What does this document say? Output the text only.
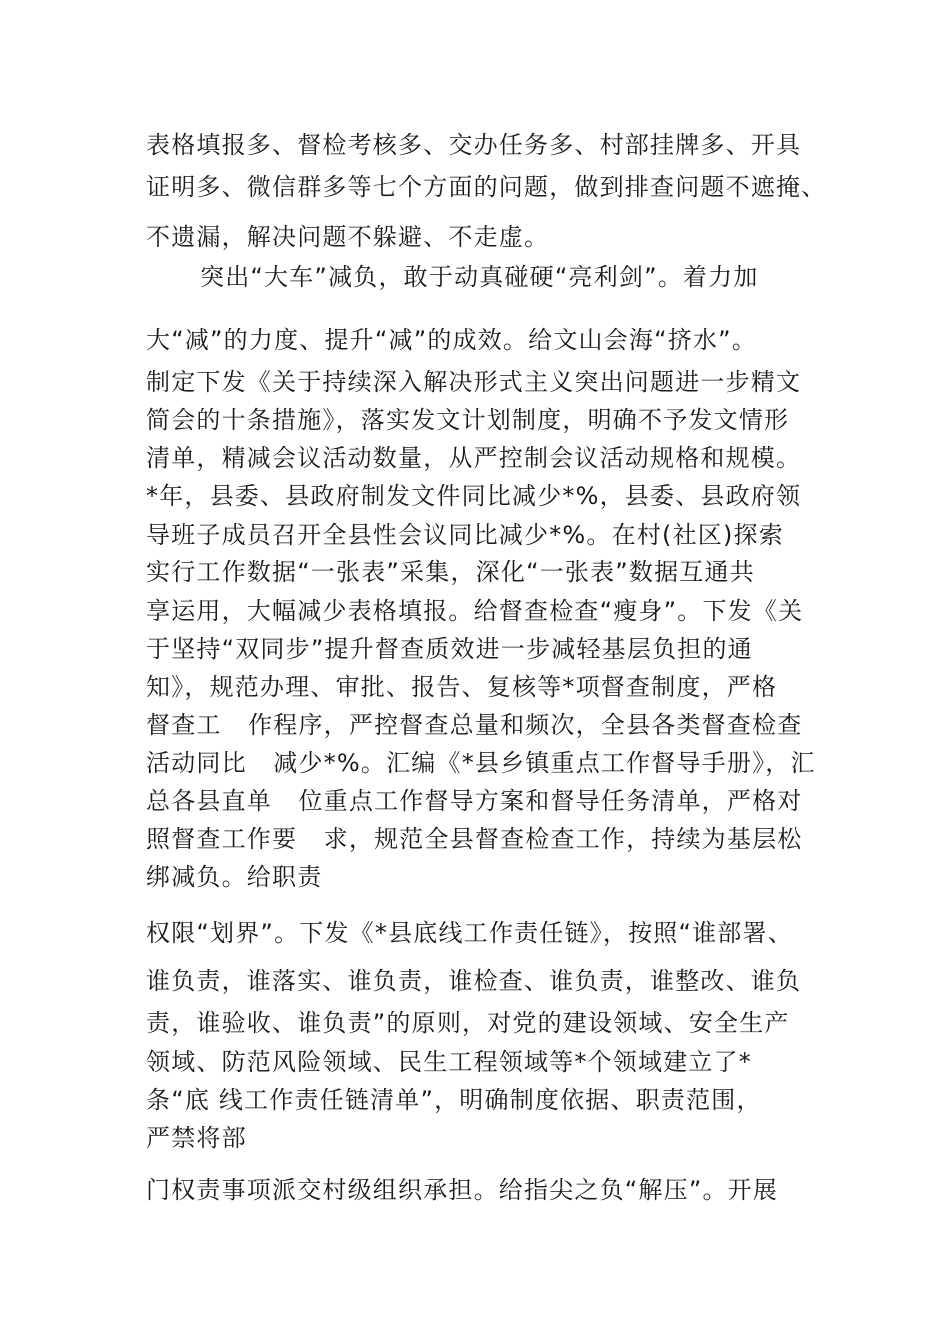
表格填报多、督检考核多、交办任务多、村部挂牌多、开具
证明多、微信群多等七个方面的问题，做到排查问题不遮掩、
不遗漏，解决问题不躲避、不走虚。
突出“大车”减负，敢于动真碰硬“亮利剑”。着力加
大“减”的力度、提升“减”的成效。给文山会海“挤水”。
制定下发《关于持续深入解决形式主义突出问题进一步精文
简会的十条措施》，落实发文计划制度，明确不予发文情形
清单，精减会议活动数量，从严控制会议活动规格和规模。
*年，县委、县政府制发文件同比减少*%，县委、县政府领
导班子成员召开全县性会议同比减少*%。在村(社区)探索
实行工作数据“一张表”采集，深化“一张表”数据互通共
享运用，大幅减少表格填报。给督查检查“瘦身”。下发《关
于坚持“双同步”提升督查质效进一步减轻基层负担的通
知》，规范办理、审批、报告、复核等*项督查制度，严格
督查工   作程序，严控督查总量和频次，全县各类督查检查
活动同比   减少*%。汇编《*县乡镇重点工作督导手册》，汇
总各县直单   位重点工作督导方案和督导任务清单，严格对
照督查工作要   求，规范全县督查检查工作，持续为基层松
绑减负。给职责
权限“划界”。下发《*县底线工作责任链》，按照“谁部署、
谁负责，谁落实、谁负责，谁检查、谁负责，谁整改、谁负
责，谁验收、谁负责”的原则，对党的建设领域、安全生产
领域、防范风险领域、民生工程领域等*个领域建立了*
条“底 线工作责任链清单”，明确制度依据、职责范围，
严禁将部
门权责事项派交村级组织承担。给指尖之负“解压”。开展
